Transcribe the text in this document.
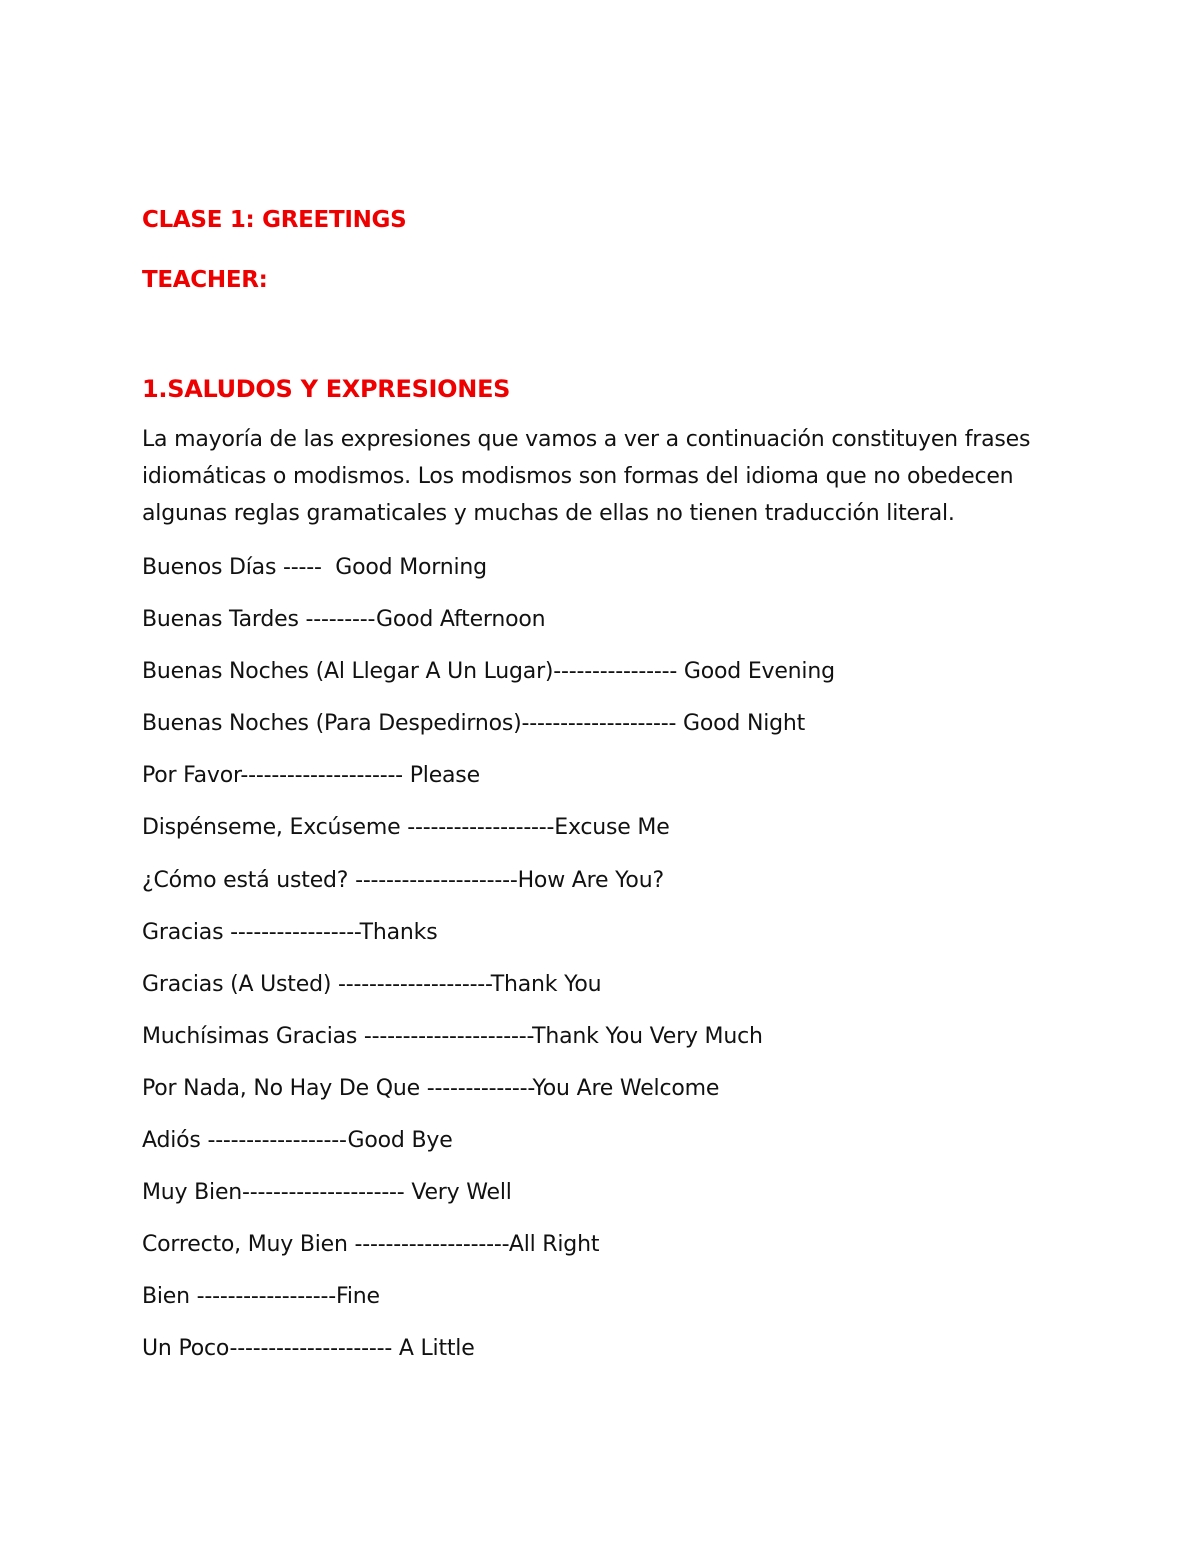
CLASE 1: GREETINGS
TEACHER:
1.SALUDOS Y EXPRESIONES

La mayoría de las expresiones que vamos a ver a continuación constituyen frases idiomáticas o modismos. Los modismos son formas del idioma que no obedecen algunas reglas gramaticales y muchas de ellas no tienen traducción literal.

Buenos Días -----  Good Morning
Buenas Tardes ---------Good Afternoon
Buenas Noches (Al Llegar A Un Lugar)---------------- Good Evening
Buenas Noches (Para Despedirnos)-------------------- Good Night
Por Favor--------------------- Please
Dispénseme, Excúseme -------------------Excuse Me
¿Cómo está usted? ---------------------How Are You?
Gracias -----------------Thanks
Gracias (A Usted) --------------------Thank You
Muchísimas Gracias ----------------------Thank You Very Much
Por Nada, No Hay De Que --------------You Are Welcome
Adiós ------------------Good Bye
Muy Bien--------------------- Very Well
Correcto, Muy Bien --------------------All Right
Bien ------------------Fine
Un Poco--------------------- A Little
